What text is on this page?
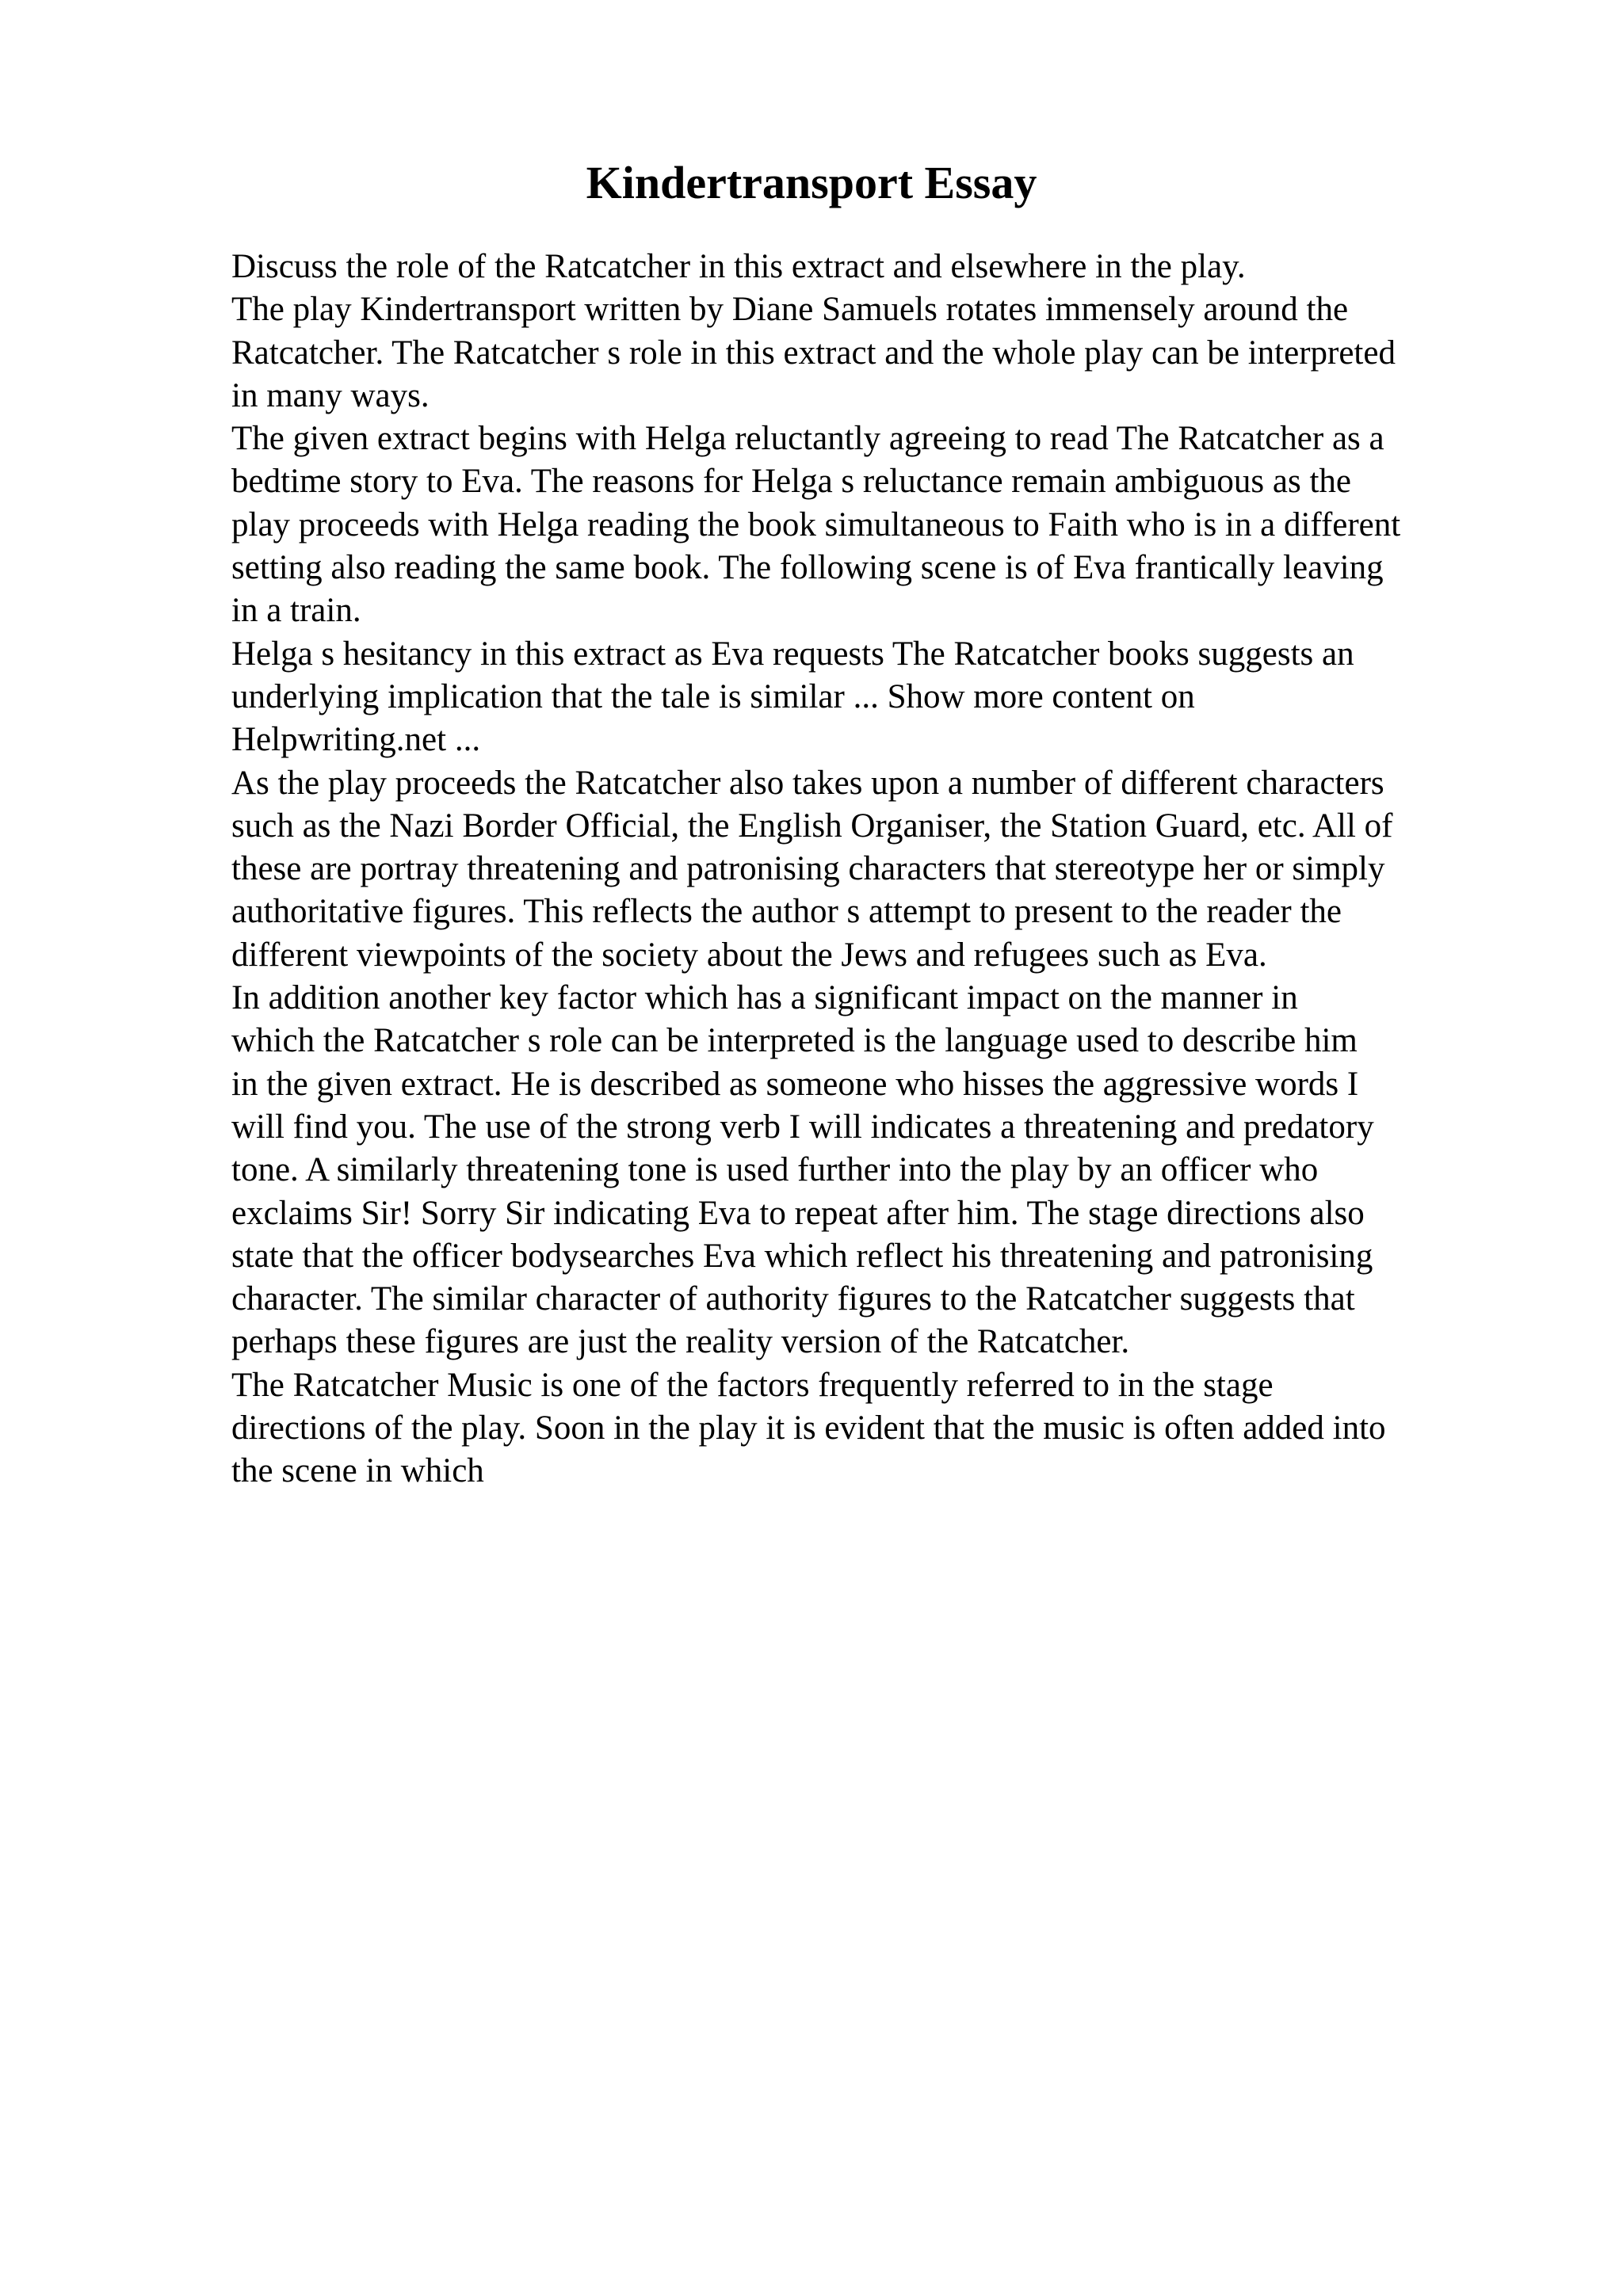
Kindertransport Essay
Discuss the role of the Ratcatcher in this extract and elsewhere in the play.
The play Kindertransport written by Diane Samuels rotates immensely around the
Ratcatcher. The Ratcatcher s role in this extract and the whole play can be interpreted
in many ways.
The given extract begins with Helga reluctantly agreeing to read The Ratcatcher as a
bedtime story to Eva. The reasons for Helga s reluctance remain ambiguous as the
play proceeds with Helga reading the book simultaneous to Faith who is in a different
setting also reading the same book. The following scene is of Eva frantically leaving
in a train.
Helga s hesitancy in this extract as Eva requests The Ratcatcher books suggests an
underlying implication that the tale is similar ... Show more content on
Helpwriting.net ...
As the play proceeds the Ratcatcher also takes upon a number of different characters
such as the Nazi Border Official, the English Organiser, the Station Guard, etc. All of
these are portray threatening and patronising characters that stereotype her or simply
authoritative figures. This reflects the author s attempt to present to the reader the
different viewpoints of the society about the Jews and refugees such as Eva.
In addition another key factor which has a significant impact on the manner in
which the Ratcatcher s role can be interpreted is the language used to describe him
in the given extract. He is described as someone who hisses the aggressive words I
will find you. The use of the strong verb I will indicates a threatening and predatory
tone. A similarly threatening tone is used further into the play by an officer who
exclaims Sir! Sorry Sir indicating Eva to repeat after him. The stage directions also
state that the officer bodysearches Eva which reflect his threatening and patronising
character. The similar character of authority figures to the Ratcatcher suggests that
perhaps these figures are just the reality version of the Ratcatcher.
The Ratcatcher Music is one of the factors frequently referred to in the stage
directions of the play. Soon in the play it is evident that the music is often added into
the scene in which
